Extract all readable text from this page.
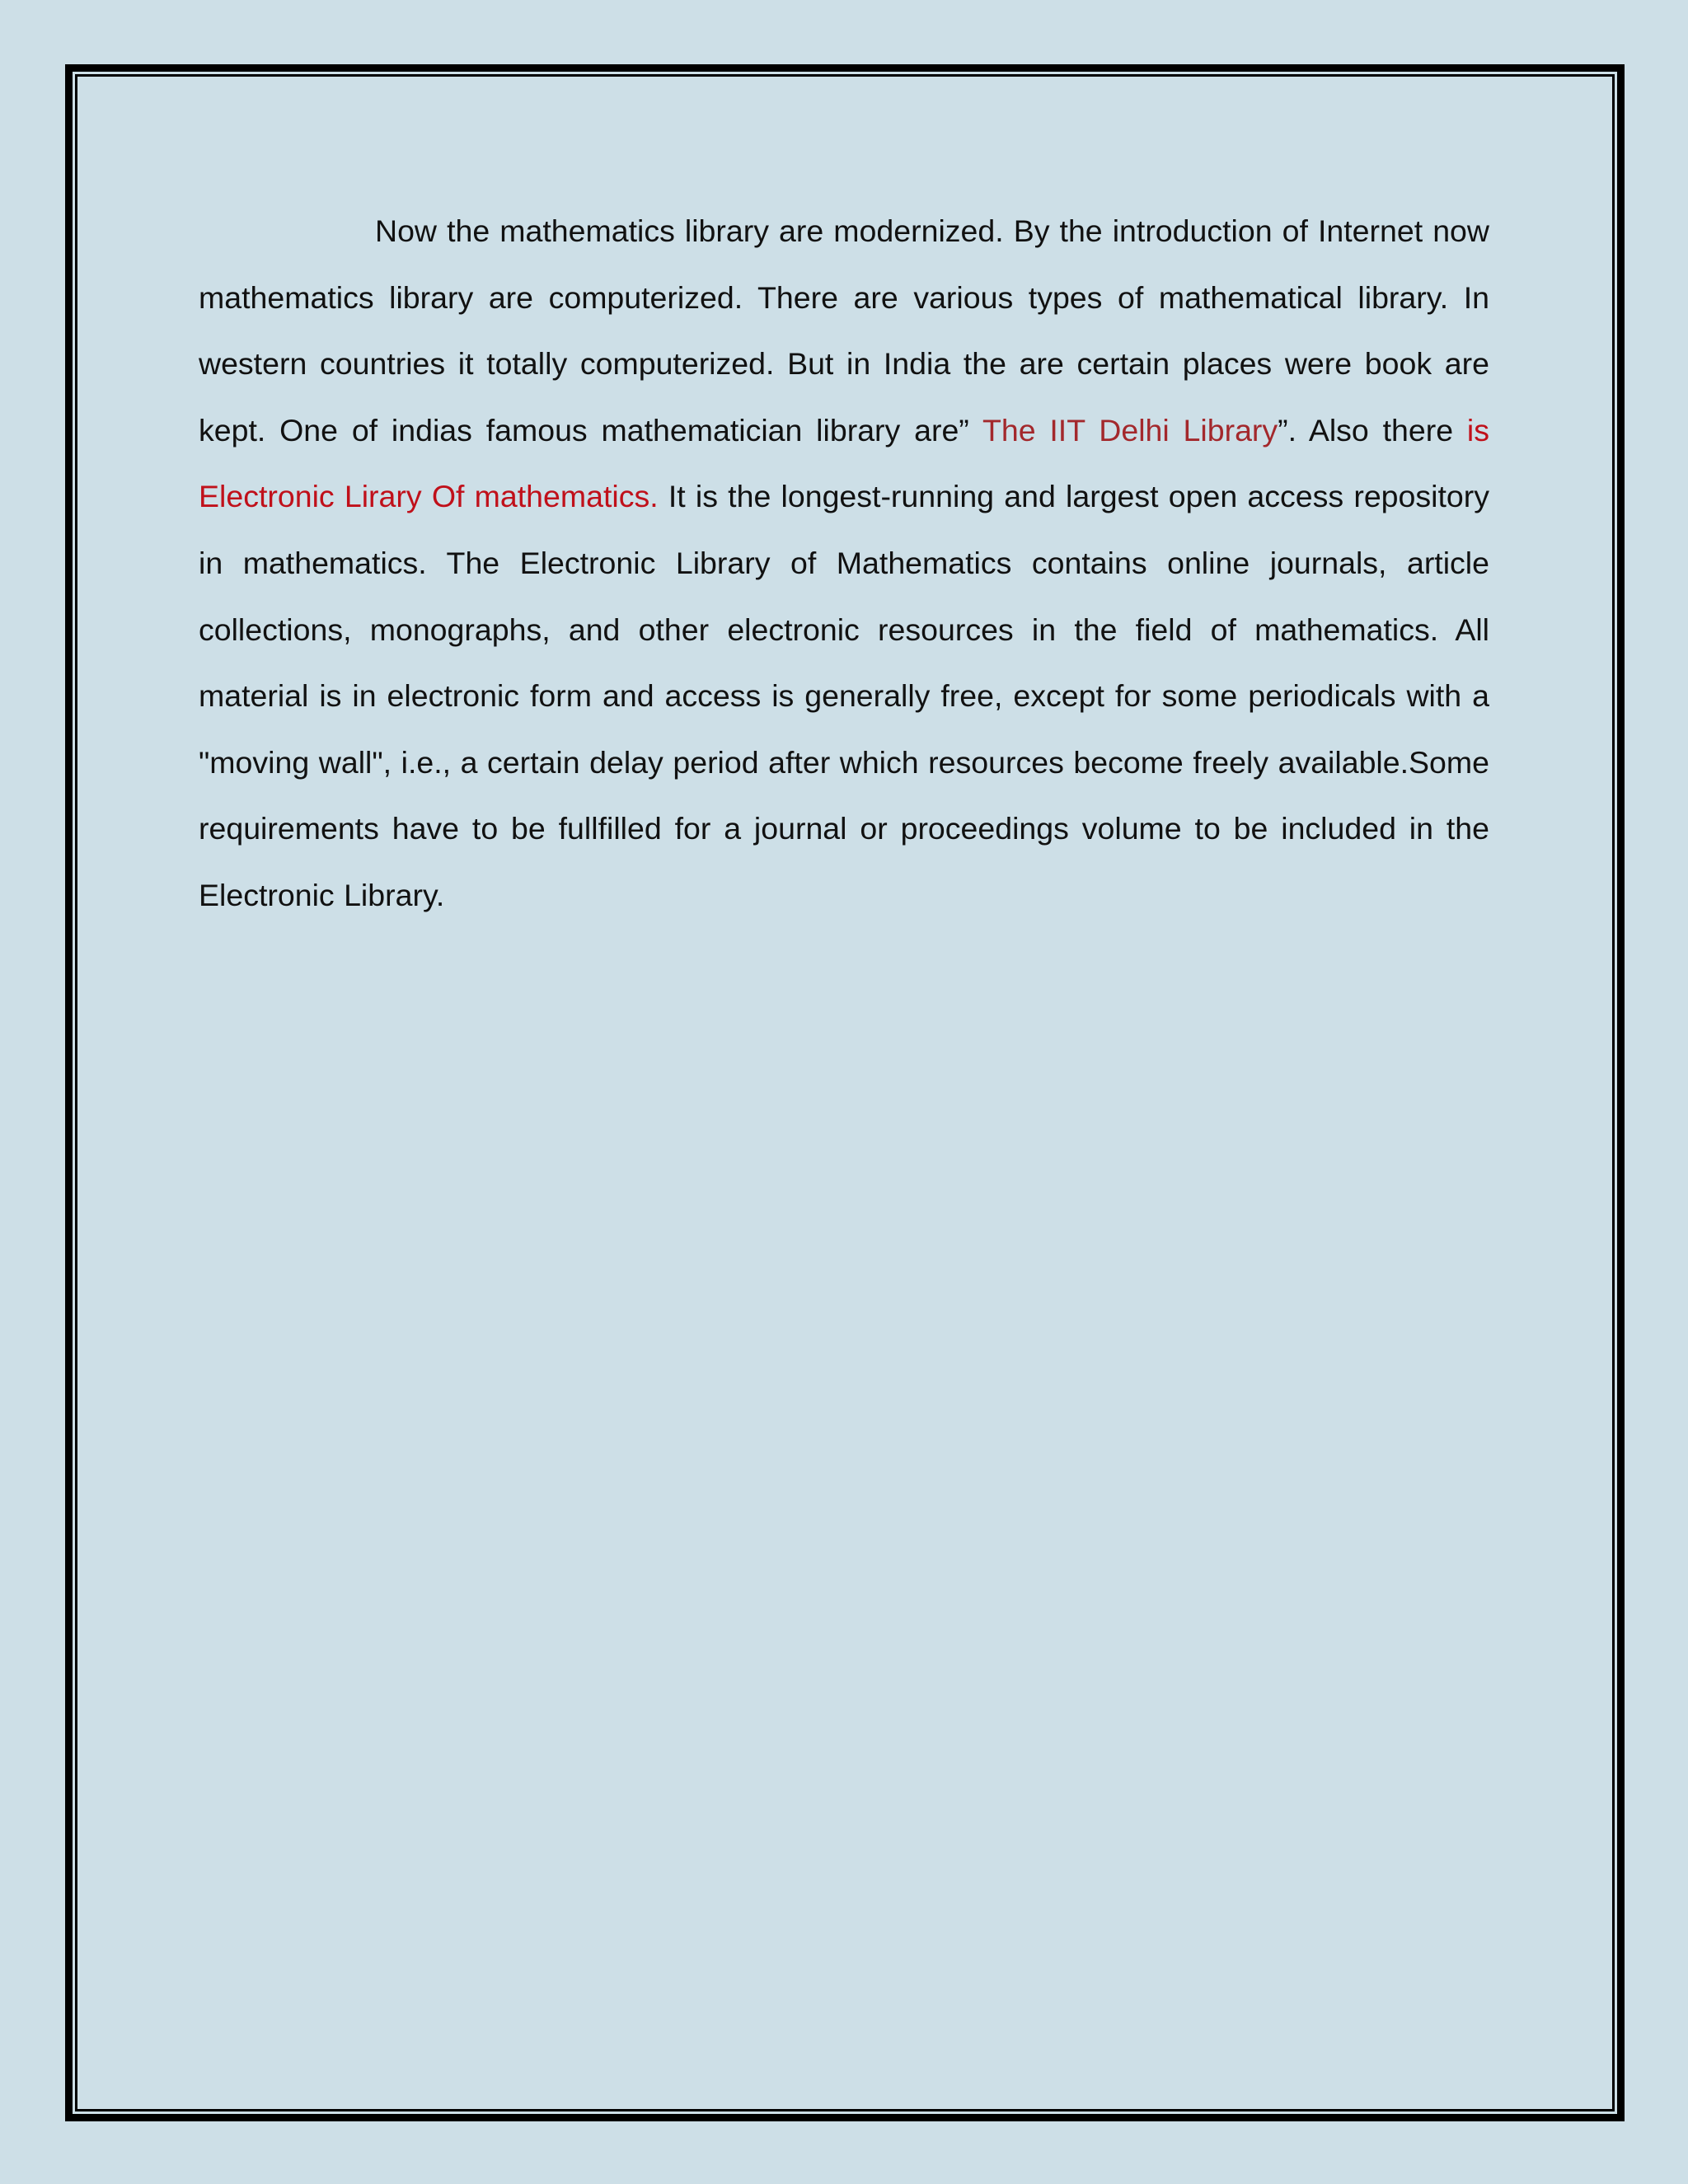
Now the mathematics library are modernized. By the introduction of Internet now mathematics library are computerized. There are various types of mathematical library. In western countries it totally computerized. But in India the are certain places were book are kept. One of indias famous mathematician library are” The IIT Delhi Library”. Also there is Electronic Lirary Of mathematics. It is the longest-running and largest open access repository in mathematics. The Electronic Library of Mathematics contains online journals, article collections, monographs, and other electronic resources in the field of mathematics. All material is in electronic form and access is generally free, except for some periodicals with a "moving wall", i.e., a certain delay period after which resources become freely available.Some requirements have to be fullfilled for a journal or proceedings volume to be included in the Electronic Library.
